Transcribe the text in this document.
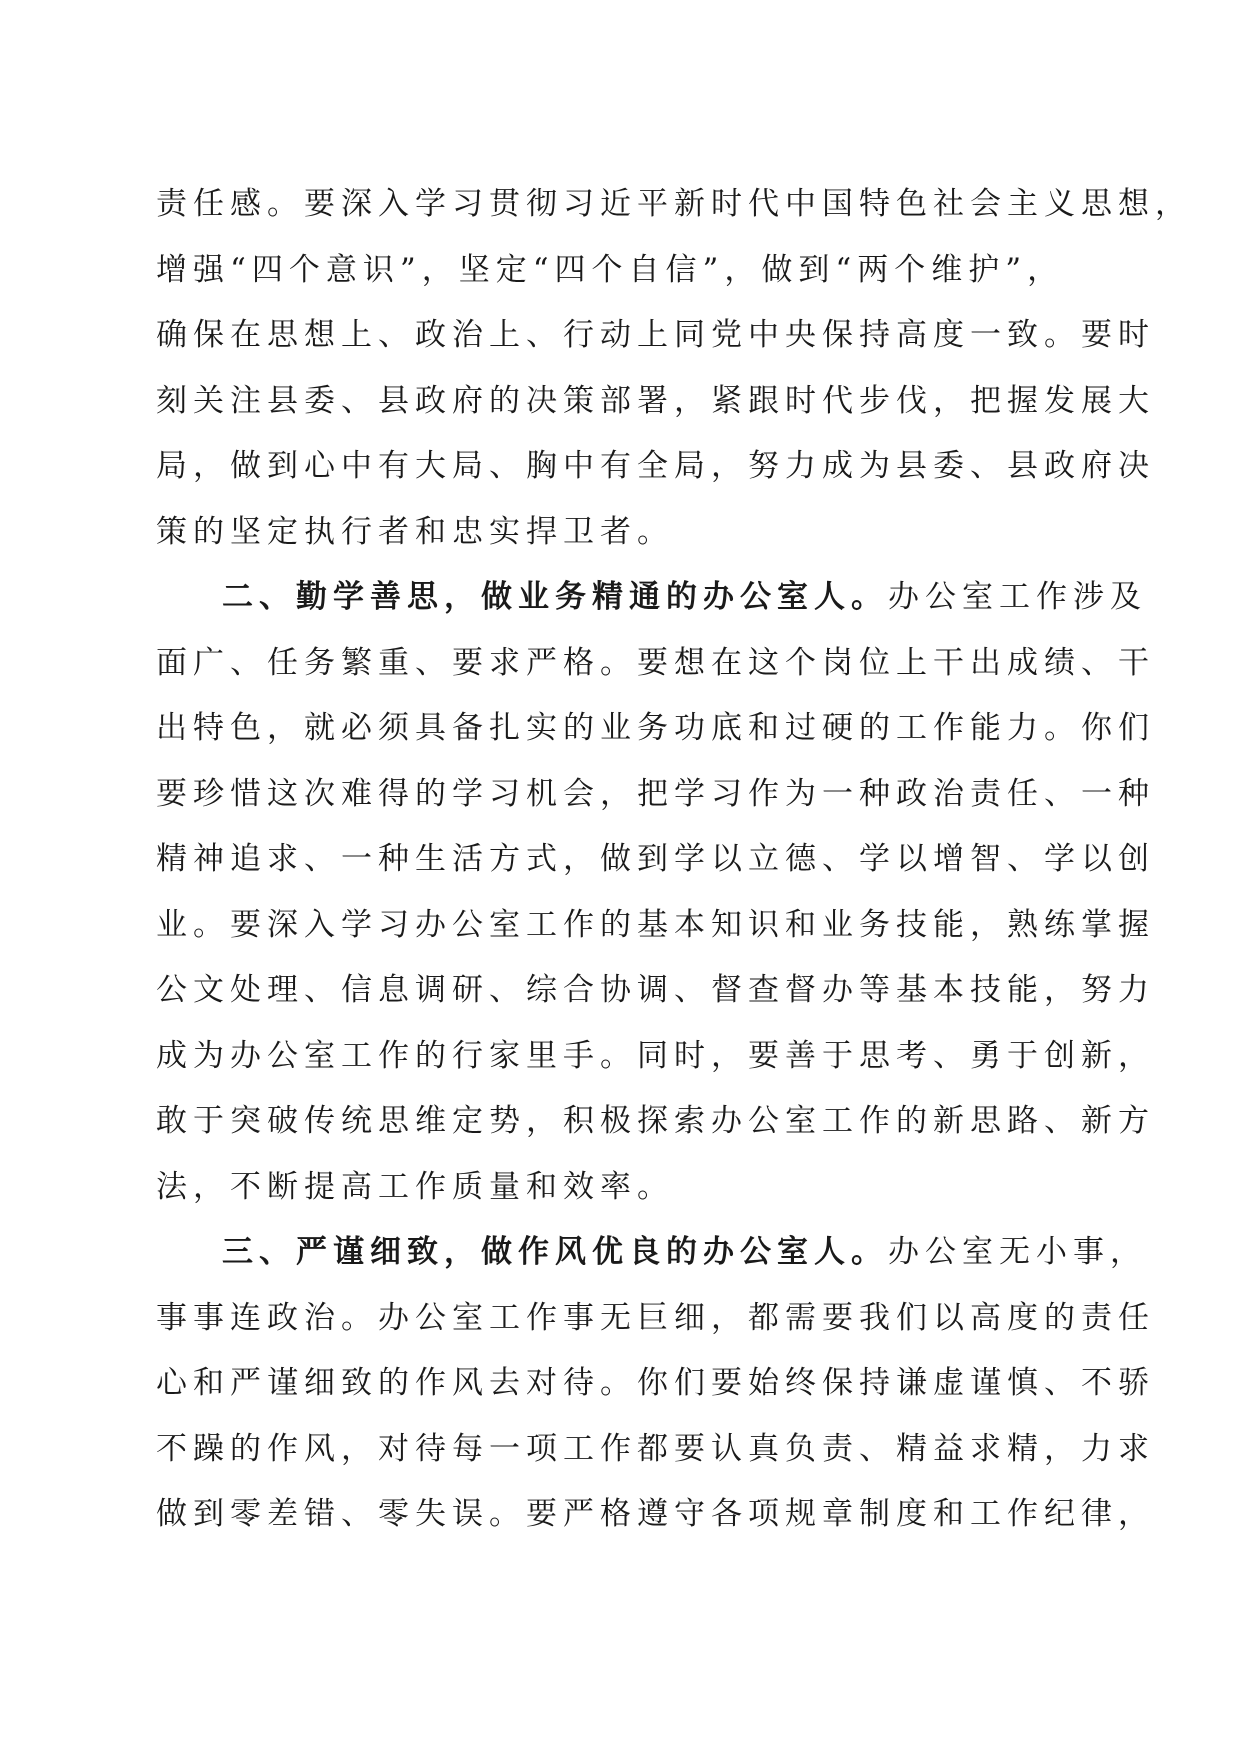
责任感。要深入学习贯彻习近平新时代中国特色社会主义思想，
增强“四个意识”，坚定“四个自信”，做到“两个维护”，
确保在思想上、政治上、行动上同党中央保持高度一致。要时
刻关注县委、县政府的决策部署，紧跟时代步伐，把握发展大
局，做到心中有大局、胸中有全局，努力成为县委、县政府决
策的坚定执行者和忠实捍卫者。
二、勤学善思，做业务精通的办公室人。办公室工作涉及
面广、任务繁重、要求严格。要想在这个岗位上干出成绩、干
出特色，就必须具备扎实的业务功底和过硬的工作能力。你们
要珍惜这次难得的学习机会，把学习作为一种政治责任、一种
精神追求、一种生活方式，做到学以立德、学以增智、学以创
业。要深入学习办公室工作的基本知识和业务技能，熟练掌握
公文处理、信息调研、综合协调、督查督办等基本技能，努力
成为办公室工作的行家里手。同时，要善于思考、勇于创新，
敢于突破传统思维定势，积极探索办公室工作的新思路、新方
法，不断提高工作质量和效率。
三、严谨细致，做作风优良的办公室人。办公室无小事，
事事连政治。办公室工作事无巨细，都需要我们以高度的责任
心和严谨细致的作风去对待。你们要始终保持谦虚谨慎、不骄
不躁的作风，对待每一项工作都要认真负责、精益求精，力求
做到零差错、零失误。要严格遵守各项规章制度和工作纪律，
